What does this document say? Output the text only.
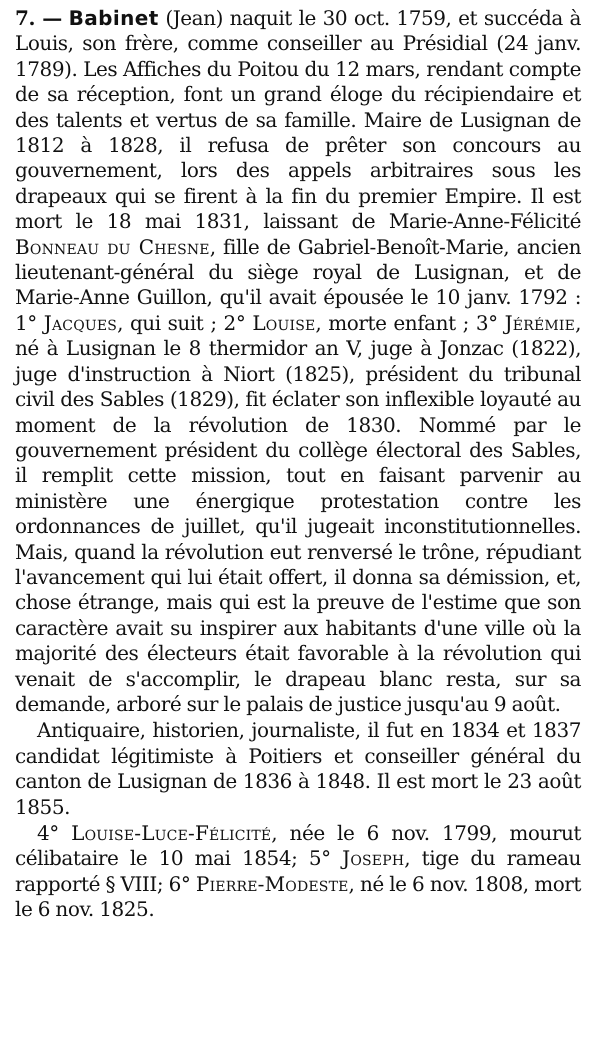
7. — Babinet (Jean) naquit le 30 oct. 1759, et succéda à Louis, son frère, comme conseiller au Présidial (24 janv. 1789). Les Affiches du Poitou du 12 mars, rendant compte de sa réception, font un grand éloge du récipiendaire et des talents et vertus de sa famille. Maire de Lusignan de 1812 à 1828, il refusa de prêter son concours au gouvernement, lors des appels arbitraires sous les drapeaux qui se firent à la fin du premier Empire. Il est mort le 18 mai 1831, laissant de Marie-Anne-Félicité Bonneau du Chesne, fille de Gabriel-Benoît-Marie, ancien lieutenant-général du siège royal de Lusignan, et de Marie-Anne Guillon, qu'il avait épousée le 10 janv. 1792 : 1° Jacques, qui suit ; 2° Louise, morte enfant ; 3° Jérémie, né à Lusignan le 8 thermidor an V, juge à Jonzac (1822), juge d'instruction à Niort (1825), président du tribunal civil des Sables (1829), fit éclater son inflexible loyauté au moment de la révolution de 1830. Nommé par le gouvernement président du collège électoral des Sables, il remplit cette mission, tout en faisant parvenir au ministère une énergique protestation contre les ordonnances de juillet, qu'il jugeait inconstitutionnelles. Mais, quand la révolution eut renversé le trône, répudiant l'avancement qui lui était offert, il donna sa démission, et, chose étrange, mais qui est la preuve de l'estime que son caractère avait su inspirer aux habitants d'une ville où la majorité des électeurs était favorable à la révolution qui venait de s'accomplir, le drapeau blanc resta, sur sa demande, arboré sur le palais de justice jusqu'au 9 août.

Antiquaire, historien, journaliste, il fut en 1834 et 1837 candidat légitimiste à Poitiers et conseiller général du canton de Lusignan de 1836 à 1848. Il est mort le 23 août 1855.

4° Louise-Luce-Félicité, née le 6 nov. 1799, mourut célibataire le 10 mai 1854; 5° Joseph, tige du rameau rapporté § VIII; 6° Pierre-Modeste, né le 6 nov. 1808, mort le 6 nov. 1825.
